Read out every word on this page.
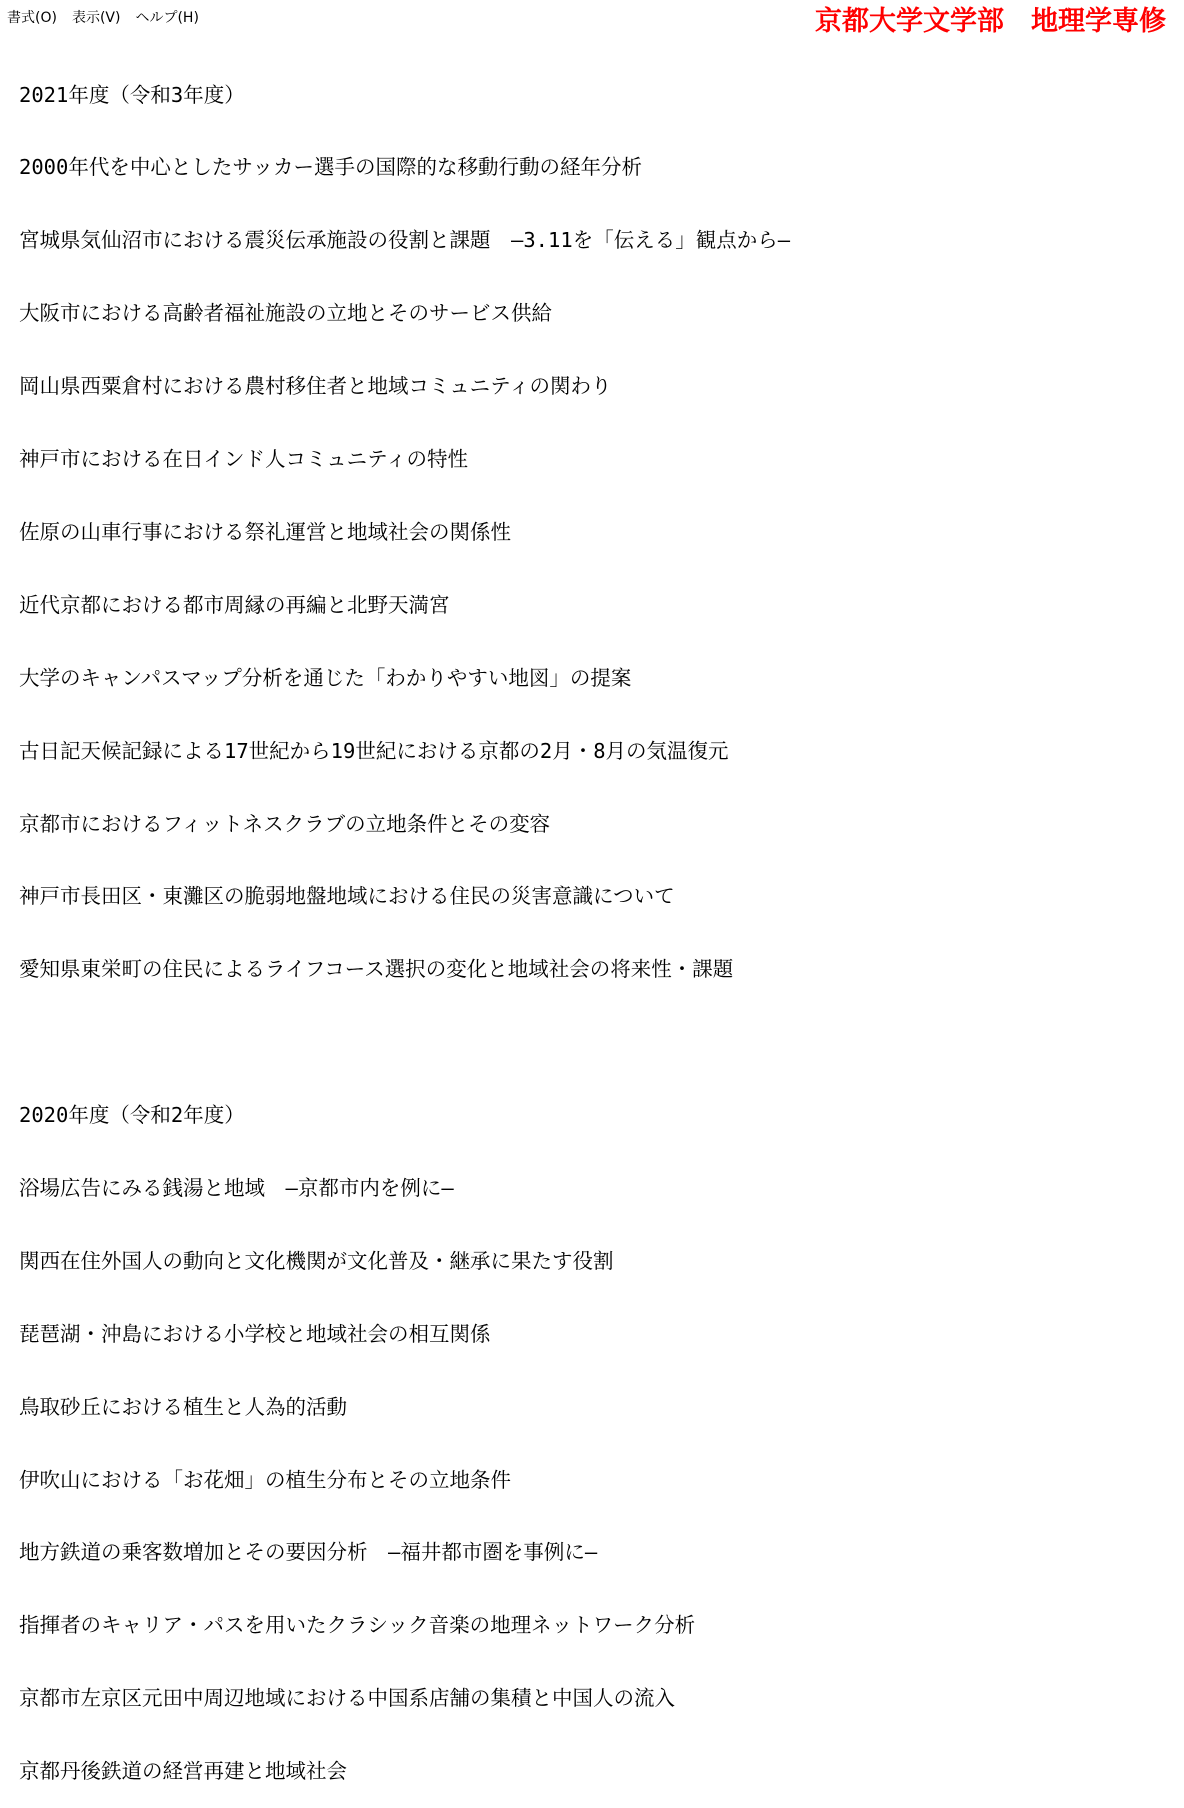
書式(O)	表示(V)	ヘルプ(H)	京都大学文学部　地理学専修

2021年度（令和3年度）

2000年代を中心としたサッカー選手の国際的な移動行動の経年分析

宮城県気仙沼市における震災伝承施設の役割と課題　―3.11を「伝える」観点から―

大阪市における高齢者福祉施設の立地とそのサービス供給

岡山県西粟倉村における農村移住者と地域コミュニティの関わり

神戸市における在日インド人コミュニティの特性

佐原の山車行事における祭礼運営と地域社会の関係性

近代京都における都市周縁の再編と北野天満宮

大学のキャンパスマップ分析を通じた「わかりやすい地図」の提案

古日記天候記録による17世紀から19世紀における京都の2月・8月の気温復元

京都市におけるフィットネスクラブの立地条件とその変容

神戸市長田区・東灘区の脆弱地盤地域における住民の災害意識について

愛知県東栄町の住民によるライフコース選択の変化と地域社会の将来性・課題

2020年度（令和2年度）

浴場広告にみる銭湯と地域　―京都市内を例に―

関西在住外国人の動向と文化機関が文化普及・継承に果たす役割

琵琶湖・沖島における小学校と地域社会の相互関係

鳥取砂丘における植生と人為的活動

伊吹山における「お花畑」の植生分布とその立地条件

地方鉄道の乗客数増加とその要因分析　―福井都市圏を事例に―

指揮者のキャリア・パスを用いたクラシック音楽の地理ネットワーク分析

京都市左京区元田中周辺地域における中国系店舗の集積と中国人の流入

京都丹後鉄道の経営再建と地域社会
